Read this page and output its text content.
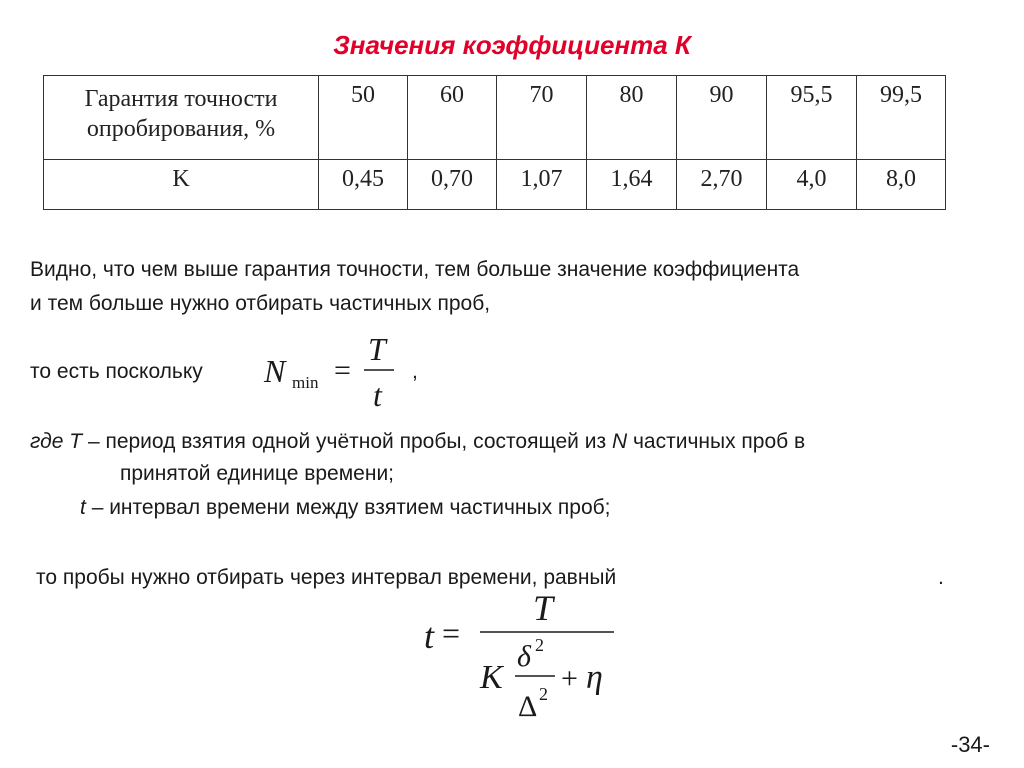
Значения коэффициента К
Гарантия точности опробирования, %	50	60	70	80	90	95,5	99,5
K	0,45	0,70	1,07	1,64	2,70	4,0	8,0
Видно, что чем выше гарантия точности, тем больше значение коэффициента
и тем больше нужно отбирать частичных проб,
то есть поскольку	,
N min =
T
t
где T – период взятия одной учётной пробы, состоящей из N частичных проб в
принятой единице времени;
t – интервал времени между взятием частичных проб;
то пробы нужно отбирать через интервал времени, равный	.
t =
T
K
δ 2
Δ 2 + η
-34-
